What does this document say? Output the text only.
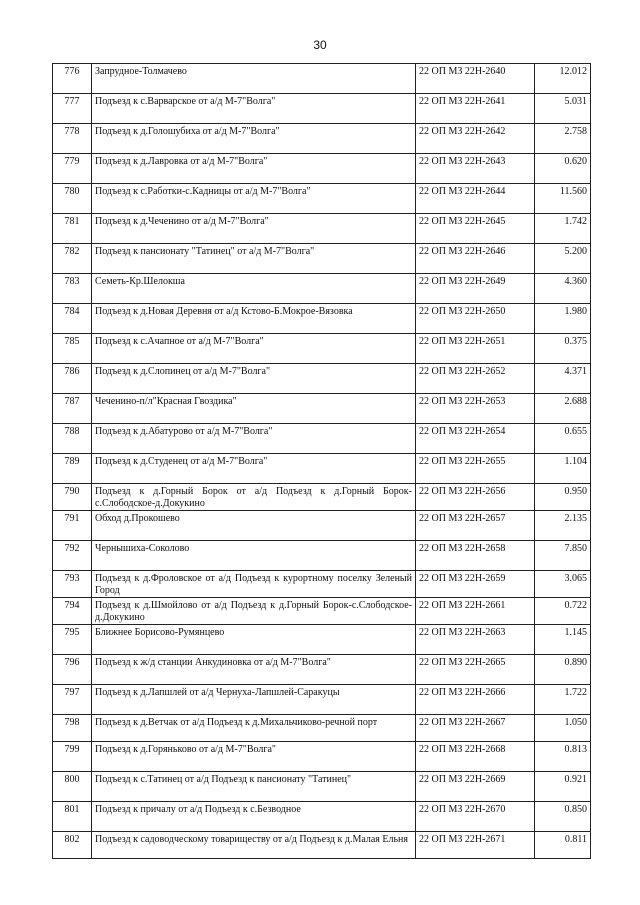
30
776	Запрудное-Толмачево	22 ОП МЗ 22Н-2640	12.012
777	Подъезд к с.Варварское от а/д М-7"Волга"	22 ОП МЗ 22Н-2641	5.031
778	Подъезд к д.Голошубиха от а/д М-7"Волга"	22 ОП МЗ 22Н-2642	2.758
779	Подъезд к д.Лавровка от а/д М-7"Волга"	22 ОП МЗ 22Н-2643	0.620
780	Подъезд к с.Работки-с.Кадницы от а/д М-7"Волга"	22 ОП МЗ 22Н-2644	11.560
781	Подъезд к д.Чеченино от а/д М-7"Волга"	22 ОП МЗ 22Н-2645	1.742
782	Подъезд к пансионату "Татинец" от а/д М-7"Волга"	22 ОП МЗ 22Н-2646	5.200
783	Семеть-Кр.Шелокша	22 ОП МЗ 22Н-2649	4.360
784	Подъезд к д.Новая Деревня от а/д Кстово-Б.Мокрое-Вязовка	22 ОП МЗ 22Н-2650	1.980
785	Подъезд к с.Ачапное от а/д М-7"Волга"	22 ОП МЗ 22Н-2651	0.375
786	Подъезд к д.Слопинец от а/д М-7"Волга"	22 ОП МЗ 22Н-2652	4.371
787	Чеченино-п/л"Красная Гвоздика"	22 ОП МЗ 22Н-2653	2.688
788	Подъезд к д.Абатурово от а/д М-7"Волга"	22 ОП МЗ 22Н-2654	0.655
789	Подъезд к д.Студенец от а/д М-7"Волга"	22 ОП МЗ 22Н-2655	1.104
790	Подъезд к д.Горный Борок от а/д Подъезд к д.Горный Борок-с.Слободское-д.Докукино	22 ОП МЗ 22Н-2656	0.950
791	Обход д.Прокошево	22 ОП МЗ 22Н-2657	2.135
792	Чернышиха-Соколово	22 ОП МЗ 22Н-2658	7.850
793	Подъезд к д.Фроловское от а/д Подъезд к курортному поселку Зеленый Город	22 ОП МЗ 22Н-2659	3.065
794	Подъезд к д.Шмойлово от а/д Подъезд к д.Горный Борок-с.Слободское-д.Докукино	22 ОП МЗ 22Н-2661	0.722
795	Ближнее Борисово-Румянцево	22 ОП МЗ 22Н-2663	1.145
796	Подъезд к ж/д станции Анкудиновка от а/д М-7"Волга"	22 ОП МЗ 22Н-2665	0.890
797	Подъезд к д.Лапшлей от а/д Чернуха-Лапшлей-Саракуцы	22 ОП МЗ 22Н-2666	1.722
798	Подъезд к д.Ветчак от а/д Подъезд к д.Михальчиково-речной порт	22 ОП МЗ 22Н-2667	1.050
799	Подъезд к д.Горяньково от а/д М-7"Волга"	22 ОП МЗ 22Н-2668	0.813
800	Подъезд к с.Татинец от а/д Подъезд к пансионату "Татинец"	22 ОП МЗ 22Н-2669	0.921
801	Подъезд к причалу от а/д Подъезд к с.Безводное	22 ОП МЗ 22Н-2670	0.850
802	Подъезд к садоводческому товариществу от а/д Подъезд к д.Малая Ельня	22 ОП МЗ 22Н-2671	0.811
